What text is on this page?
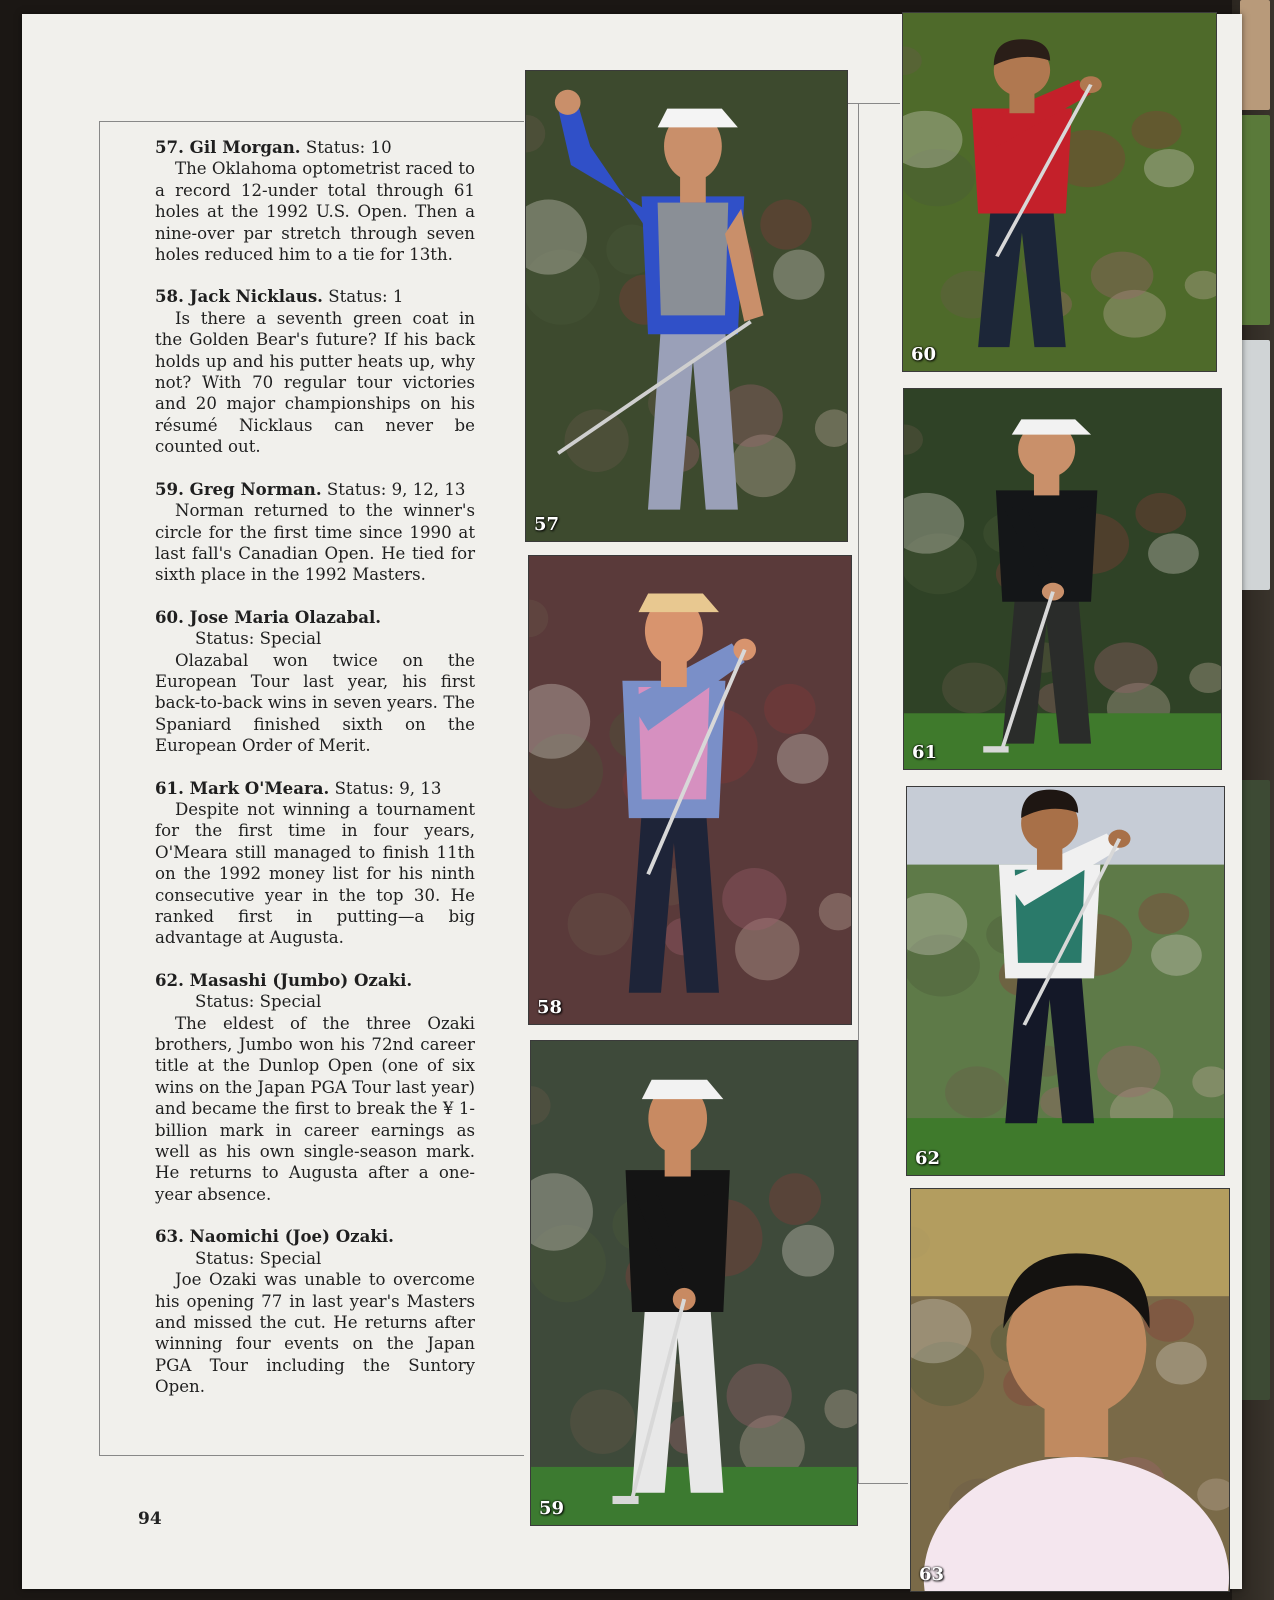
57. Gil Morgan. Status: 10
The Oklahoma optometrist raced to a record 12-under total through 61 holes at the 1992 U.S. Open. Then a nine-over par stretch through seven holes reduced him to a tie for 13th.
58. Jack Nicklaus. Status: 1
Is there a seventh green coat in the Golden Bear's future? If his back holds up and his putter heats up, why not? With 70 regular tour victories and 20 major championships on his résumé Nicklaus can never be counted out.
59. Greg Norman. Status: 9, 12, 13
Norman returned to the winner's circle for the first time since 1990 at last fall's Canadian Open. He tied for sixth place in the 1992 Masters.
60. Jose Maria Olazabal.
Status: Special
Olazabal won twice on the European Tour last year, his first back-to-back wins in seven years. The Spaniard finished sixth on the European Order of Merit.
61. Mark O'Meara. Status: 9, 13
Despite not winning a tournament for the first time in four years, O'Meara still managed to finish 11th on the 1992 money list for his ninth consecutive year in the top 30. He ranked first in putting—a big advantage at Augusta.
62. Masashi (Jumbo) Ozaki.
Status: Special
The eldest of the three Ozaki brothers, Jumbo won his 72nd career title at the Dunlop Open (one of six wins on the Japan PGA Tour last year) and became the first to break the ¥ 1-billion mark in career earnings as well as his own single-season mark. He returns to Augusta after a one-year absence.
63. Naomichi (Joe) Ozaki.
Status: Special
Joe Ozaki was unable to overcome his opening 77 in last year's Masters and missed the cut. He returns after winning four events on the Japan PGA Tour including the Suntory Open.
94
57
58
59
60
61
62
63
